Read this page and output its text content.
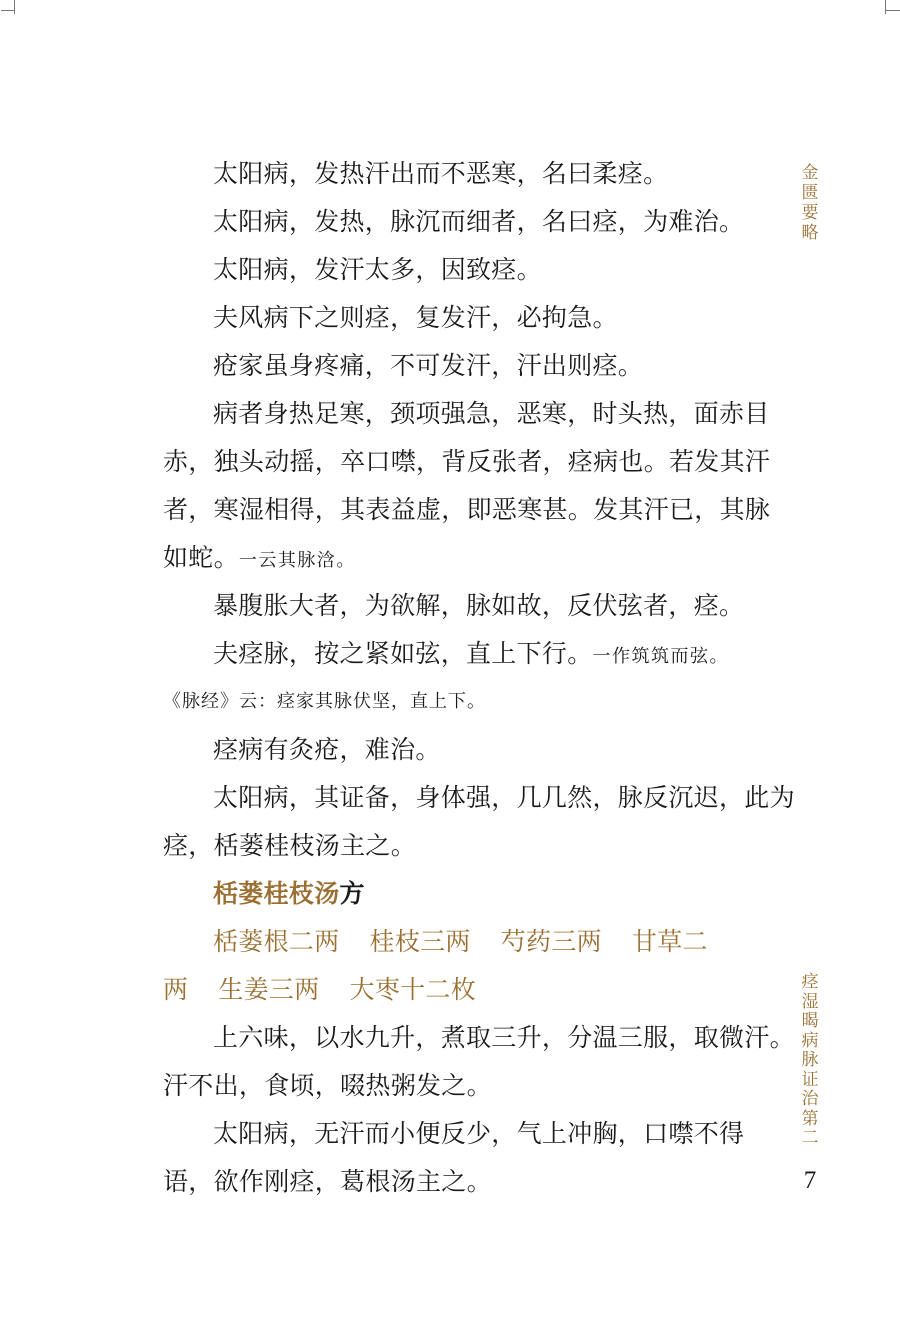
太阳病，发热汗出而不恶寒，名曰柔痉。
太阳病，发热，脉沉而细者，名曰痉，为难治。
太阳病，发汗太多，因致痉。
夫风病下之则痉，复发汗，必拘急。
疮家虽身疼痛，不可发汗，汗出则痉。
病者身热足寒，颈项强急，恶寒，时头热，面赤目
赤，独头动摇，卒口噤，背反张者，痉病也。若发其汗
者，寒湿相得，其表益虚，即恶寒甚。发其汗已，其脉
如蛇。一云其脉浛。
暴腹胀大者，为欲解，脉如故，反伏弦者，痉。
夫痉脉，按之紧如弦，直上下行。一作筑筑而弦。
《脉经》云：痉家其脉伏坚，直上下。
痉病有灸疮，难治。
太阳病，其证备，身体强，几几然，脉反沉迟，此为
痉，栝蒌桂枝汤主之。
栝蒌桂枝汤方
栝蒌根二两 桂枝三两 芍药三两 甘草二
两 生姜三两 大枣十二枚
上六味，以水九升，煮取三升，分温三服，取微汗。
汗不出，食顷，啜热粥发之。
太阳病，无汗而小便反少，气上冲胸，口噤不得
语，欲作刚痉，葛根汤主之。
金
匮
要
略
痉
湿
暍
病
脉
证
治
第
二
7
